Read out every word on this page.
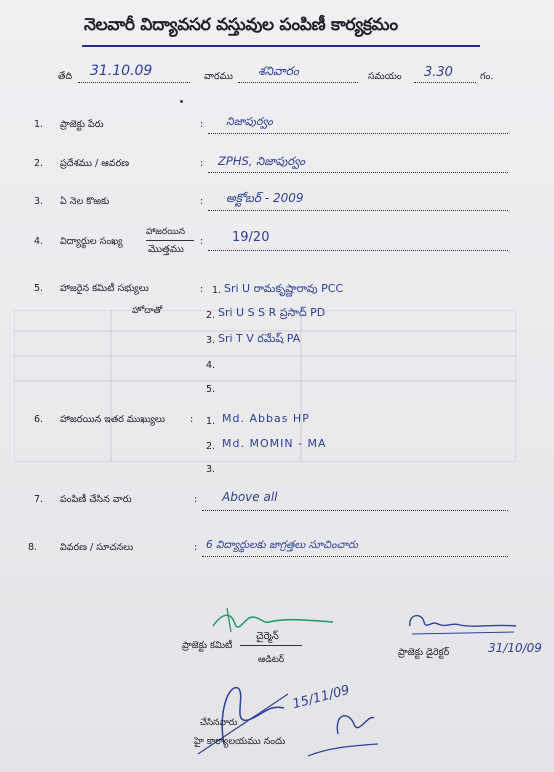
నెలవారీ విద్యావసర వస్తువుల పంపిణీ కార్యక్రమం
తేది 31.10.09	వారము శనివారం	సమయం 3.30	గం.
1. ప్రాజెక్టు పేరు	: నిజాపుర్వం
2. ప్రదేశము / ఆవరణ	: ZPHS, నిజాపుర్వం
3. ఏ నెల కొఱకు	: అక్టోబర్ - 2009
4. విద్యార్థుల సంఖ్య
హాజరయిన
మొత్తము
: 19/20
5. హాజరైన కమిటీ సభ్యులు
హోదాతో
: 1. Sri U రామకృష్ణారావు PCC
2. Sri U S S R ప్రసాద్ PD
3. Sri T V రమేష్ PA
4.
5.
6. హాజరయిన ఇతర ముఖ్యులు	: 1. Md. Abbas HP
2. Md. MOMIN - MA
3.
7. పంపిణీ చేసిన వారు	: Above all
8. వివరణ / సూచనలు	: 6 విద్యార్థులకు జాగ్రత్తలు సూచించారు
చైర్మెన్
ప్రాజెక్టు కమిటీ
ఆడిటర్
ప్రాజెక్టు డైరెక్టర్	31/10/09
15/11/09
చేసినవారు
హై కార్యాలయము నందు
